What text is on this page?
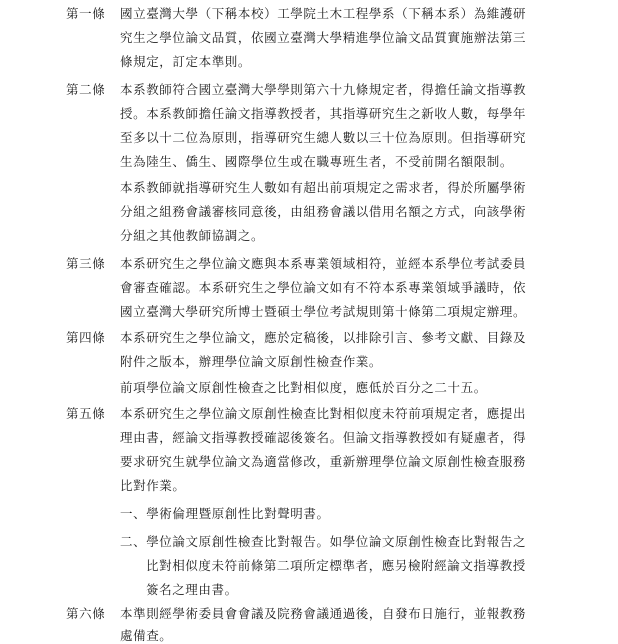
第一條 國立臺灣大學（下稱本校）工學院土木工程學系（下稱本系）為維護研
究生之學位論文品質，依國立臺灣大學精進學位論文品質實施辦法第三
條規定，訂定本準則。
第二條 本系教師符合國立臺灣大學學則第六十九條規定者，得擔任論文指導教
授。本系教師擔任論文指導教授者，其指導研究生之新收人數，每學年
至多以十二位為原則，指導研究生總人數以三十位為原則。但指導研究
生為陸生、僑生、國際學位生或在職專班生者，不受前開名額限制。
本系教師就指導研究生人數如有超出前項規定之需求者，得於所屬學術
分組之組務會議審核同意後，由組務會議以借用名額之方式，向該學術
分組之其他教師協調之。
第三條 本系研究生之學位論文應與本系專業領域相符，並經本系學位考試委員
會審查確認。本系研究生之學位論文如有不符本系專業領域爭議時，依
國立臺灣大學研究所博士暨碩士學位考試規則第十條第二項規定辦理。
第四條 本系研究生之學位論文，應於定稿後，以排除引言、參考文獻、目錄及
附件之版本，辦理學位論文原創性檢查作業。
前項學位論文原創性檢查之比對相似度，應低於百分之二十五。
第五條 本系研究生之學位論文原創性檢查比對相似度未符前項規定者，應提出
理由書，經論文指導教授確認後簽名。但論文指導教授如有疑慮者，得
要求研究生就學位論文為適當修改，重新辦理學位論文原創性檢查服務
比對作業。
一、學術倫理暨原創性比對聲明書。
二、學位論文原創性檢查比對報告。如學位論文原創性檢查比對報告之
比對相似度未符前條第二項所定標準者，應另檢附經論文指導教授
簽名之理由書。
第六條 本準則經學術委員會會議及院務會議通過後，自發布日施行，並報教務
處備查。
